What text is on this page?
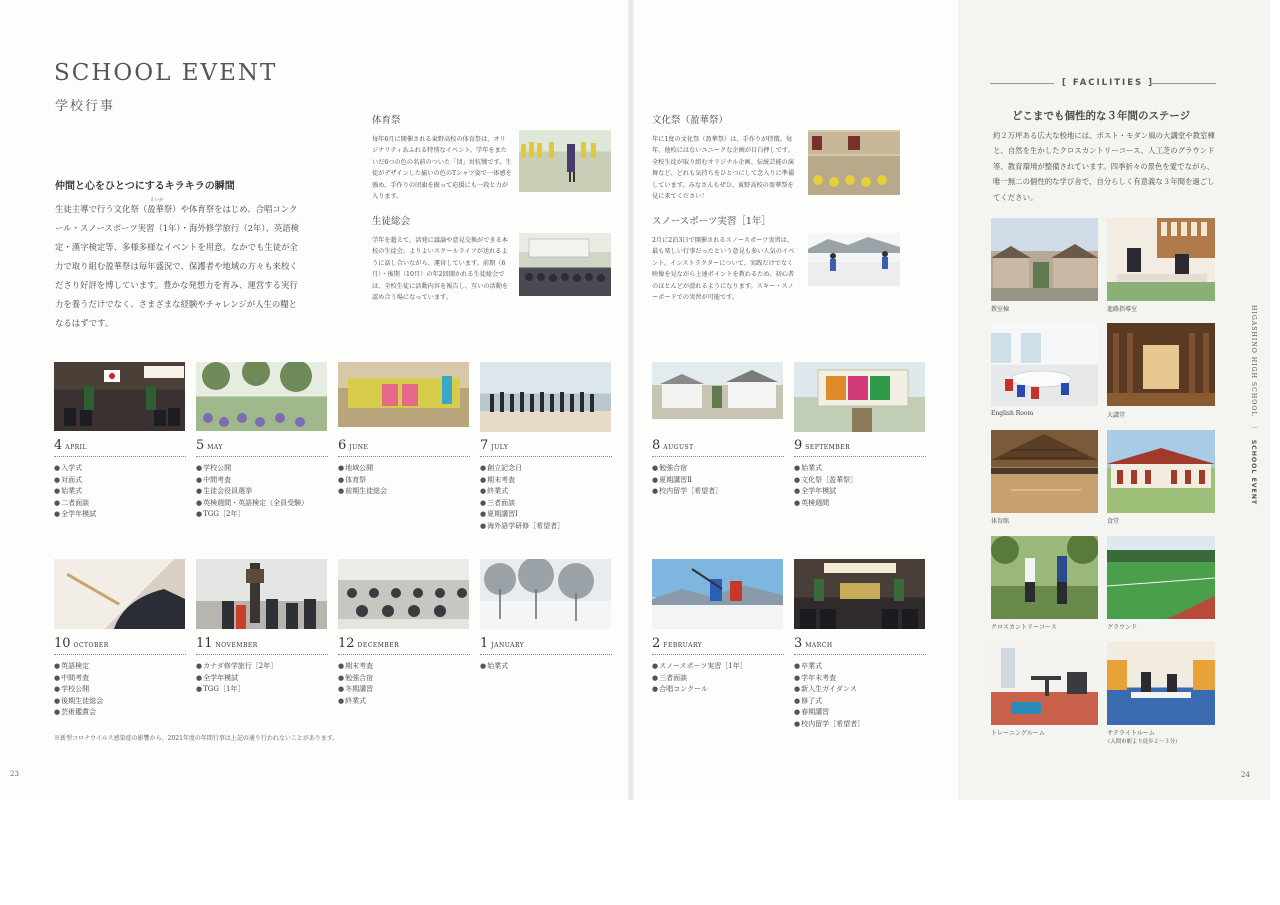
SCHOOL EVENT
学校行事
仲間と心をひとつにするキラキラの瞬間
えいか

生徒主導で行う文化祭（盈華祭）や体育祭をはじめ、合唱コンクール・スノースポーツ実習（1年）・海外修学旅行（2年）、英語検定・漢字検定等、多様多様なイベントを用意。なかでも生徒が全力で取り組む盈華祭は毎年盛況で、保護者や地域の方々も来校くださり好評を博しています。豊かな発想力を育み、運営する実行力を養うだけでなく、さまざまな経験やチャレンジが人生の糧となるはずです。

体育祭
毎年6月に開催される東野高校の体育祭は、オリジナリティあふれる特別なイベント。学年をまたいだ6つの色の名前のついた「団」対抗戦です。生徒がデザインした揃いの色のTシャツ姿で一体感を強め、手作りの団旗を振って応援にも一段と力が入ります。
生徒総会
学年を超えて、活発に議論や意見交換ができる本校の生徒会。よりよいスクールライフが送れるように話し合いながら、運営しています。前期（6月）・後期（10月）の年2回開かれる生徒総会では、全校生徒に活動内容を報告し、互いの活動を認め合う場になっています。
文化祭（盈華祭）
年に1度の文化祭（盈華祭）は、手作りが特徴。毎年、他校にはないユニークな企画が目白押しです。全校生徒が取り組むオリジナル企画、伝統芸能の演舞など、どれも気持ちをひとつにして念入りに準備しています。みなさんもぜひ、東野高校の盈華祭を見に来てください！
スノースポーツ実習［1年］
2月に2泊3日で開催されるスノースポーツ実習は、最も楽しい行事だったという意見も多い人気のイベント。インストラクターについて、実践だけでなく映像を見ながら上達ポイントを教わるため、初心者のほとんどが滑れるようになります。スキー・スノーボードでの実習が可能です。
4 APRIL
● 入学式
● 対面式
● 始業式
● 二者面談
● 全学年模試
5 MAY
● 学校公開
● 中間考査
● 生徒会役員選挙
● 英検週間・英語検定（全員受験）
● TGG［2年］
6 JUNE
● 地域公開
● 体育祭
● 前期生徒総会
7 JULY
● 創立記念日
● 期末考査
● 終業式
● 三者面談
● 夏期講習Ⅰ
● 海外語学研修［希望者］
8 AUGUST
● 勉強合宿
● 夏期講習Ⅱ
● 校内留学［希望者］
9 SEPTEMBER
● 始業式
● 文化祭［盈華祭］
● 全学年模試
● 英検週間
10 OCTOBER
● 英語検定
● 中間考査
● 学校公開
● 後期生徒総会
● 芸術鑑賞会
11 NOVEMBER
● カナダ修学旅行［2年］
● 全学年模試
● TGG［1年］
12 DECEMBER
● 期末考査
● 勉強合宿
● 冬期講習
● 終業式
1 JANUARY
● 始業式
2 FEBRUARY
● スノースポーツ実習［1年］
● 三者面談
● 合唱コンクール
3 MARCH
● 卒業式
● 学年末考査
● 新入生ガイダンス
● 修了式
● 春期講習
● 校内留学［希望者］
※新型コロナウイルス感染症の影響から、2021年度の年間行事は上記の通り行われないことがあります。
23	24
[ FACILITIES
どこまでも個性的な３年間のステージ

約２万坪ある広大な校地には、ポスト・モダン風の大講堂や教室棟と、自然を生かしたクロスカントリーコース、人工芝のグラウンド等、教育環境が整備されています。四季折々の景色を愛でながら、唯一無二の個性的な学び舎で、自分らしく有意義な３年間を過ごしてください。

教室棟	進路指導室
English Room	大講堂
体育館	食堂
クロスカントリーコース	グラウンド
トレーニングルーム	サテライトルーム
（入間市駅より徒歩２～３分）
HIGASHINO HIGH SCHOOL ｜ SCHOOL EVENT
